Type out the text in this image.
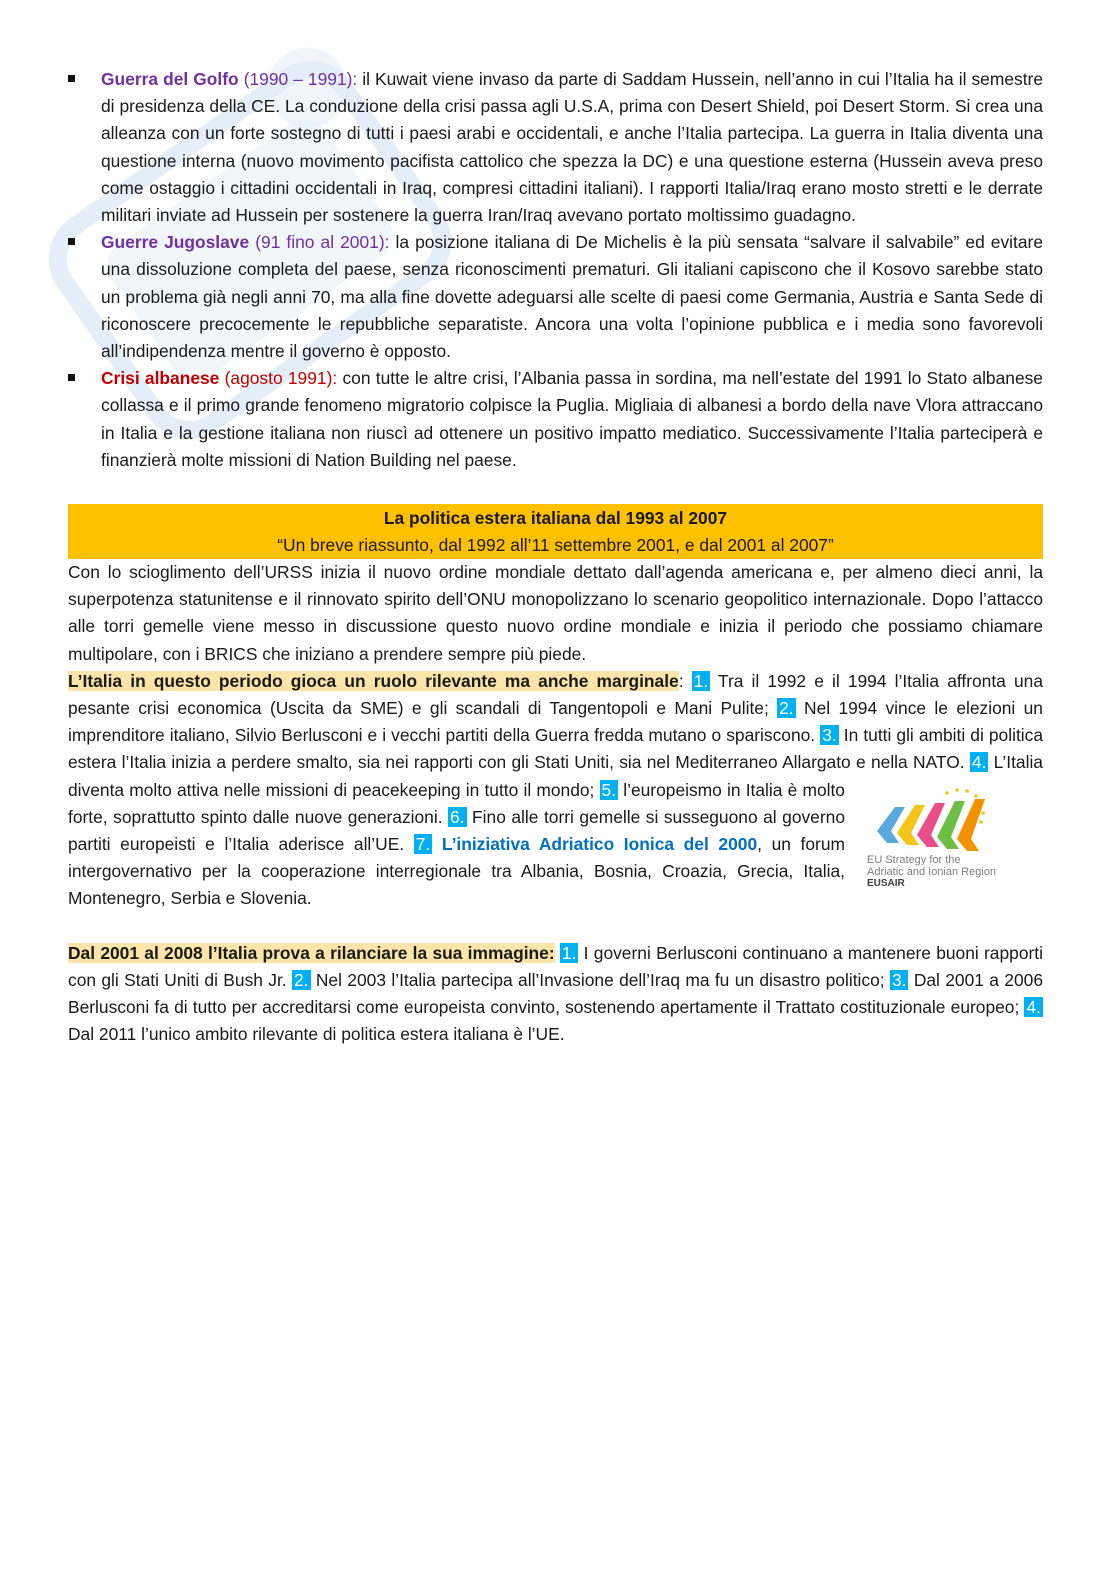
Guerra del Golfo (1990 – 1991): il Kuwait viene invaso da parte di Saddam Hussein, nell’anno in cui l’Italia ha il semestre di presidenza della CE. La conduzione della crisi passa agli U.S.A, prima con Desert Shield, poi Desert Storm. Si crea una alleanza con un forte sostegno di tutti i paesi arabi e occidentali, e anche l’Italia partecipa. La guerra in Italia diventa una questione interna (nuovo movimento pacifista cattolico che spezza la DC) e una questione esterna (Hussein aveva preso come ostaggio i cittadini occidentali in Iraq, compresi cittadini italiani). I rapporti Italia/Iraq erano mosto stretti e le derrate militari inviate ad Hussein per sostenere la guerra Iran/Iraq avevano portato moltissimo guadagno.
Guerre Jugoslave (91 fino al 2001): la posizione italiana di De Michelis è la più sensata “salvare il salvabile” ed evitare una dissoluzione completa del paese, senza riconoscimenti prematuri. Gli italiani capiscono che il Kosovo sarebbe stato un problema già negli anni 70, ma alla fine dovette adeguarsi alle scelte di paesi come Germania, Austria e Santa Sede di riconoscere precocemente le repubbliche separatiste. Ancora una volta l’opinione pubblica e i media sono favorevoli all’indipendenza mentre il governo è opposto.
Crisi albanese (agosto 1991): con tutte le altre crisi, l’Albania passa in sordina, ma nell’estate del 1991 lo Stato albanese collassa e il primo grande fenomeno migratorio colpisce la Puglia. Migliaia di albanesi a bordo della nave Vlora attraccano in Italia e la gestione italiana non riuscì ad ottenere un positivo impatto mediatico. Successivamente l’Italia parteciperà e finanzierà molte missioni di Nation Building nel paese.
La politica estera italiana dal 1993 al 2007
“Un breve riassunto, dal 1992 all’11 settembre 2001, e dal 2001 al 2007”

Con lo scioglimento dell’URSS inizia il nuovo ordine mondiale dettato dall’agenda americana e, per almeno dieci anni, la superpotenza statunitense e il rinnovato spirito dell’ONU monopolizzano lo scenario geopolitico internazionale. Dopo l’attacco alle torri gemelle viene messo in discussione questo nuovo ordine mondiale e inizia il periodo che possiamo chiamare multipolare, con i BRICS che iniziano a prendere sempre più piede.

L’Italia in questo periodo gioca un ruolo rilevante ma anche marginale: 1. Tra il 1992 e il 1994 l’Italia affronta una pesante crisi economica (Uscita da SME) e gli scandali di Tangentopoli e Mani Pulite; 2. Nel 1994 vince le elezioni un imprenditore italiano, Silvio Berlusconi e i vecchi partiti della Guerra fredda mutano o spariscono. 3. In tutti gli ambiti di politica estera l’Italia inizia a perdere smalto, sia nei rapporti con gli Stati Uniti, sia nel Mediterraneo Allargato e nella NATO. 4. L’Italia diventa molto attiva nelle missioni di peacekeeping in tutto il mondo;
EU Strategy for the
Adriatic and Ionian Region
EUSAIR
5. l’europeismo in Italia è molto forte, soprattutto spinto dalle nuove generazioni. 6. Fino alle torri gemelle si susseguono al governo partiti europeisti e l’Italia aderisce all’UE. 7. L’iniziativa Adriatico Ionica del 2000, un forum intergovernativo per la cooperazione interregionale tra Albania, Bosnia, Croazia, Grecia, Italia, Montenegro, Serbia e Slovenia.

Dal 2001 al 2008 l’Italia prova a rilanciare la sua immagine: 1. I governi Berlusconi continuano a mantenere buoni rapporti con gli Stati Uniti di Bush Jr. 2. Nel 2003 l’Italia partecipa all’Invasione dell’Iraq ma fu un disastro politico; 3. Dal 2001 a 2006 Berlusconi fa di tutto per accreditarsi come europeista convinto, sostenendo apertamente il Trattato costituzionale europeo; 4. Dal 2011 l’unico ambito rilevante di politica estera italiana è l’UE.
